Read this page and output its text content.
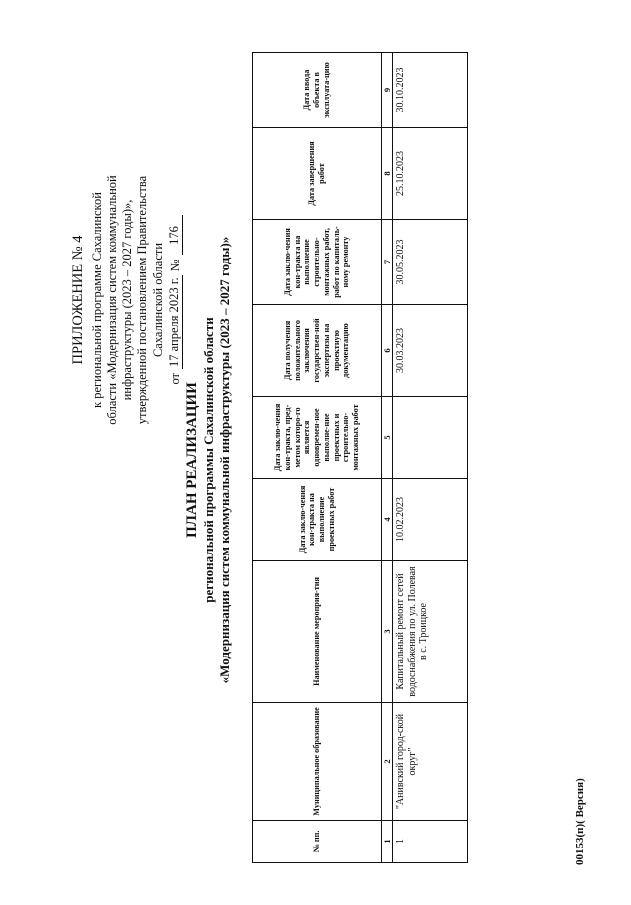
ПРИЛОЖЕНИЕ № 4 к региональной программе Сахалинской области «Модернизация систем коммунальной инфраструктуры (2023 – 2027 годы)», утвержденной постановлением Правительства Сахалинской области
от
17 апреля 2023 г.
№
176
ПЛАН РЕАЛИЗАЦИИ региональной программы Сахалинской области «Модернизация систем коммунальной инфраструктуры (2023 – 2027 годы)»
№ пп.	Муниципальное образование	Наименование мероприя-тия	Дата заклю-чения кон-тракта на выполнение проектных работ	Дата заклю-чения кон-тракта, пред-метом которо-го является одновремен-ное выполне-ние проектных и строительно-монтажных работ	Дата получения положительного заключения государствен-ной экспертизы на проектную документацию	Дата заклю-чения кон-тракта на выполнение строительно-монтажных работ, работ по капиталь-ному ремонту	Дата завершения работ	Дата ввода объекта в эксплуата-цию
1	2	3	4	5	6	7	8	9
1	"Анивский город-ской округ"	Капитальный ремонт сетей водоснабжения по ул. Полевая в с. Троицкое	10.02.2023		30.03.2023	30.05.2023	25.10.2023	30.10.2023
00153(п)( Версия)
